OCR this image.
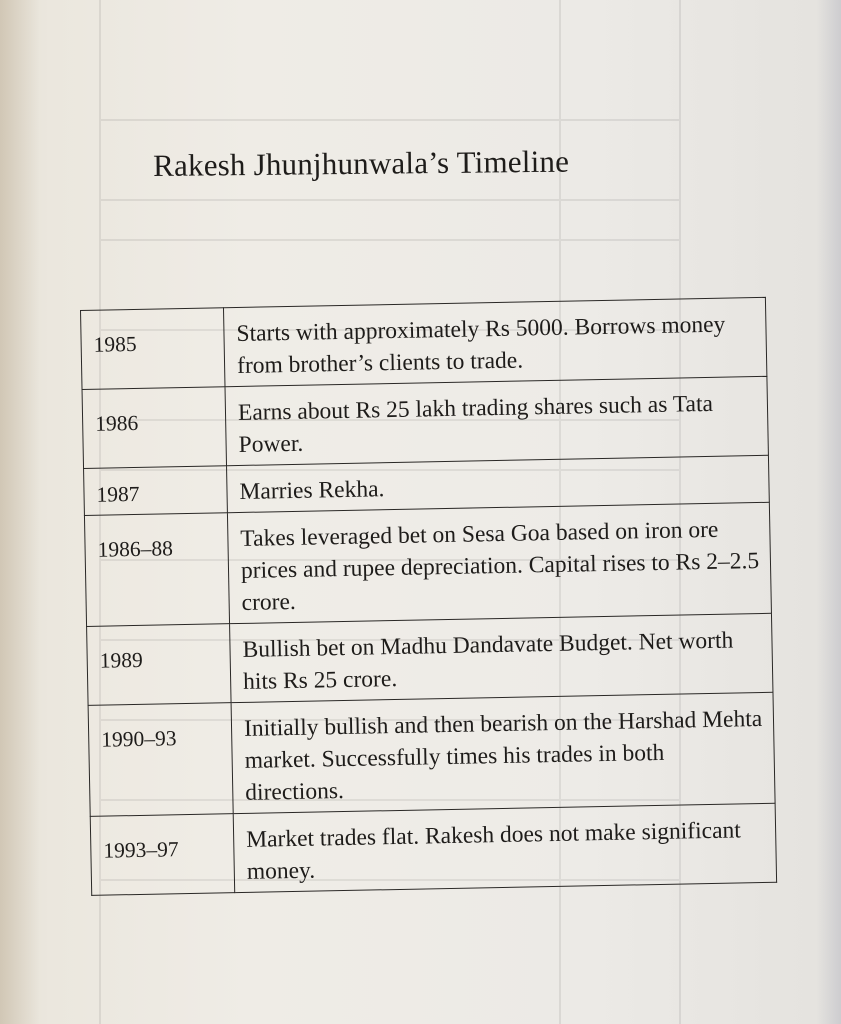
Rakesh Jhunjhunwala’s Timeline
1985	Starts with approximately Rs 5000. Borrows money from brother’s clients to trade.
1986	Earns about Rs 25 lakh trading shares such as Tata Power.
1987	Marries Rekha.
1986–88	Takes leveraged bet on Sesa Goa based on iron ore prices and rupee depreciation. Capital rises to Rs 2–2.5 crore.
1989	Bullish bet on Madhu Dandavate Budget. Net worth hits Rs 25 crore.
1990–93	Initially bullish and then bearish on the Harshad Mehta market. Successfully times his trades in both directions.
1993–97	Market trades flat. Rakesh does not make significant money.
